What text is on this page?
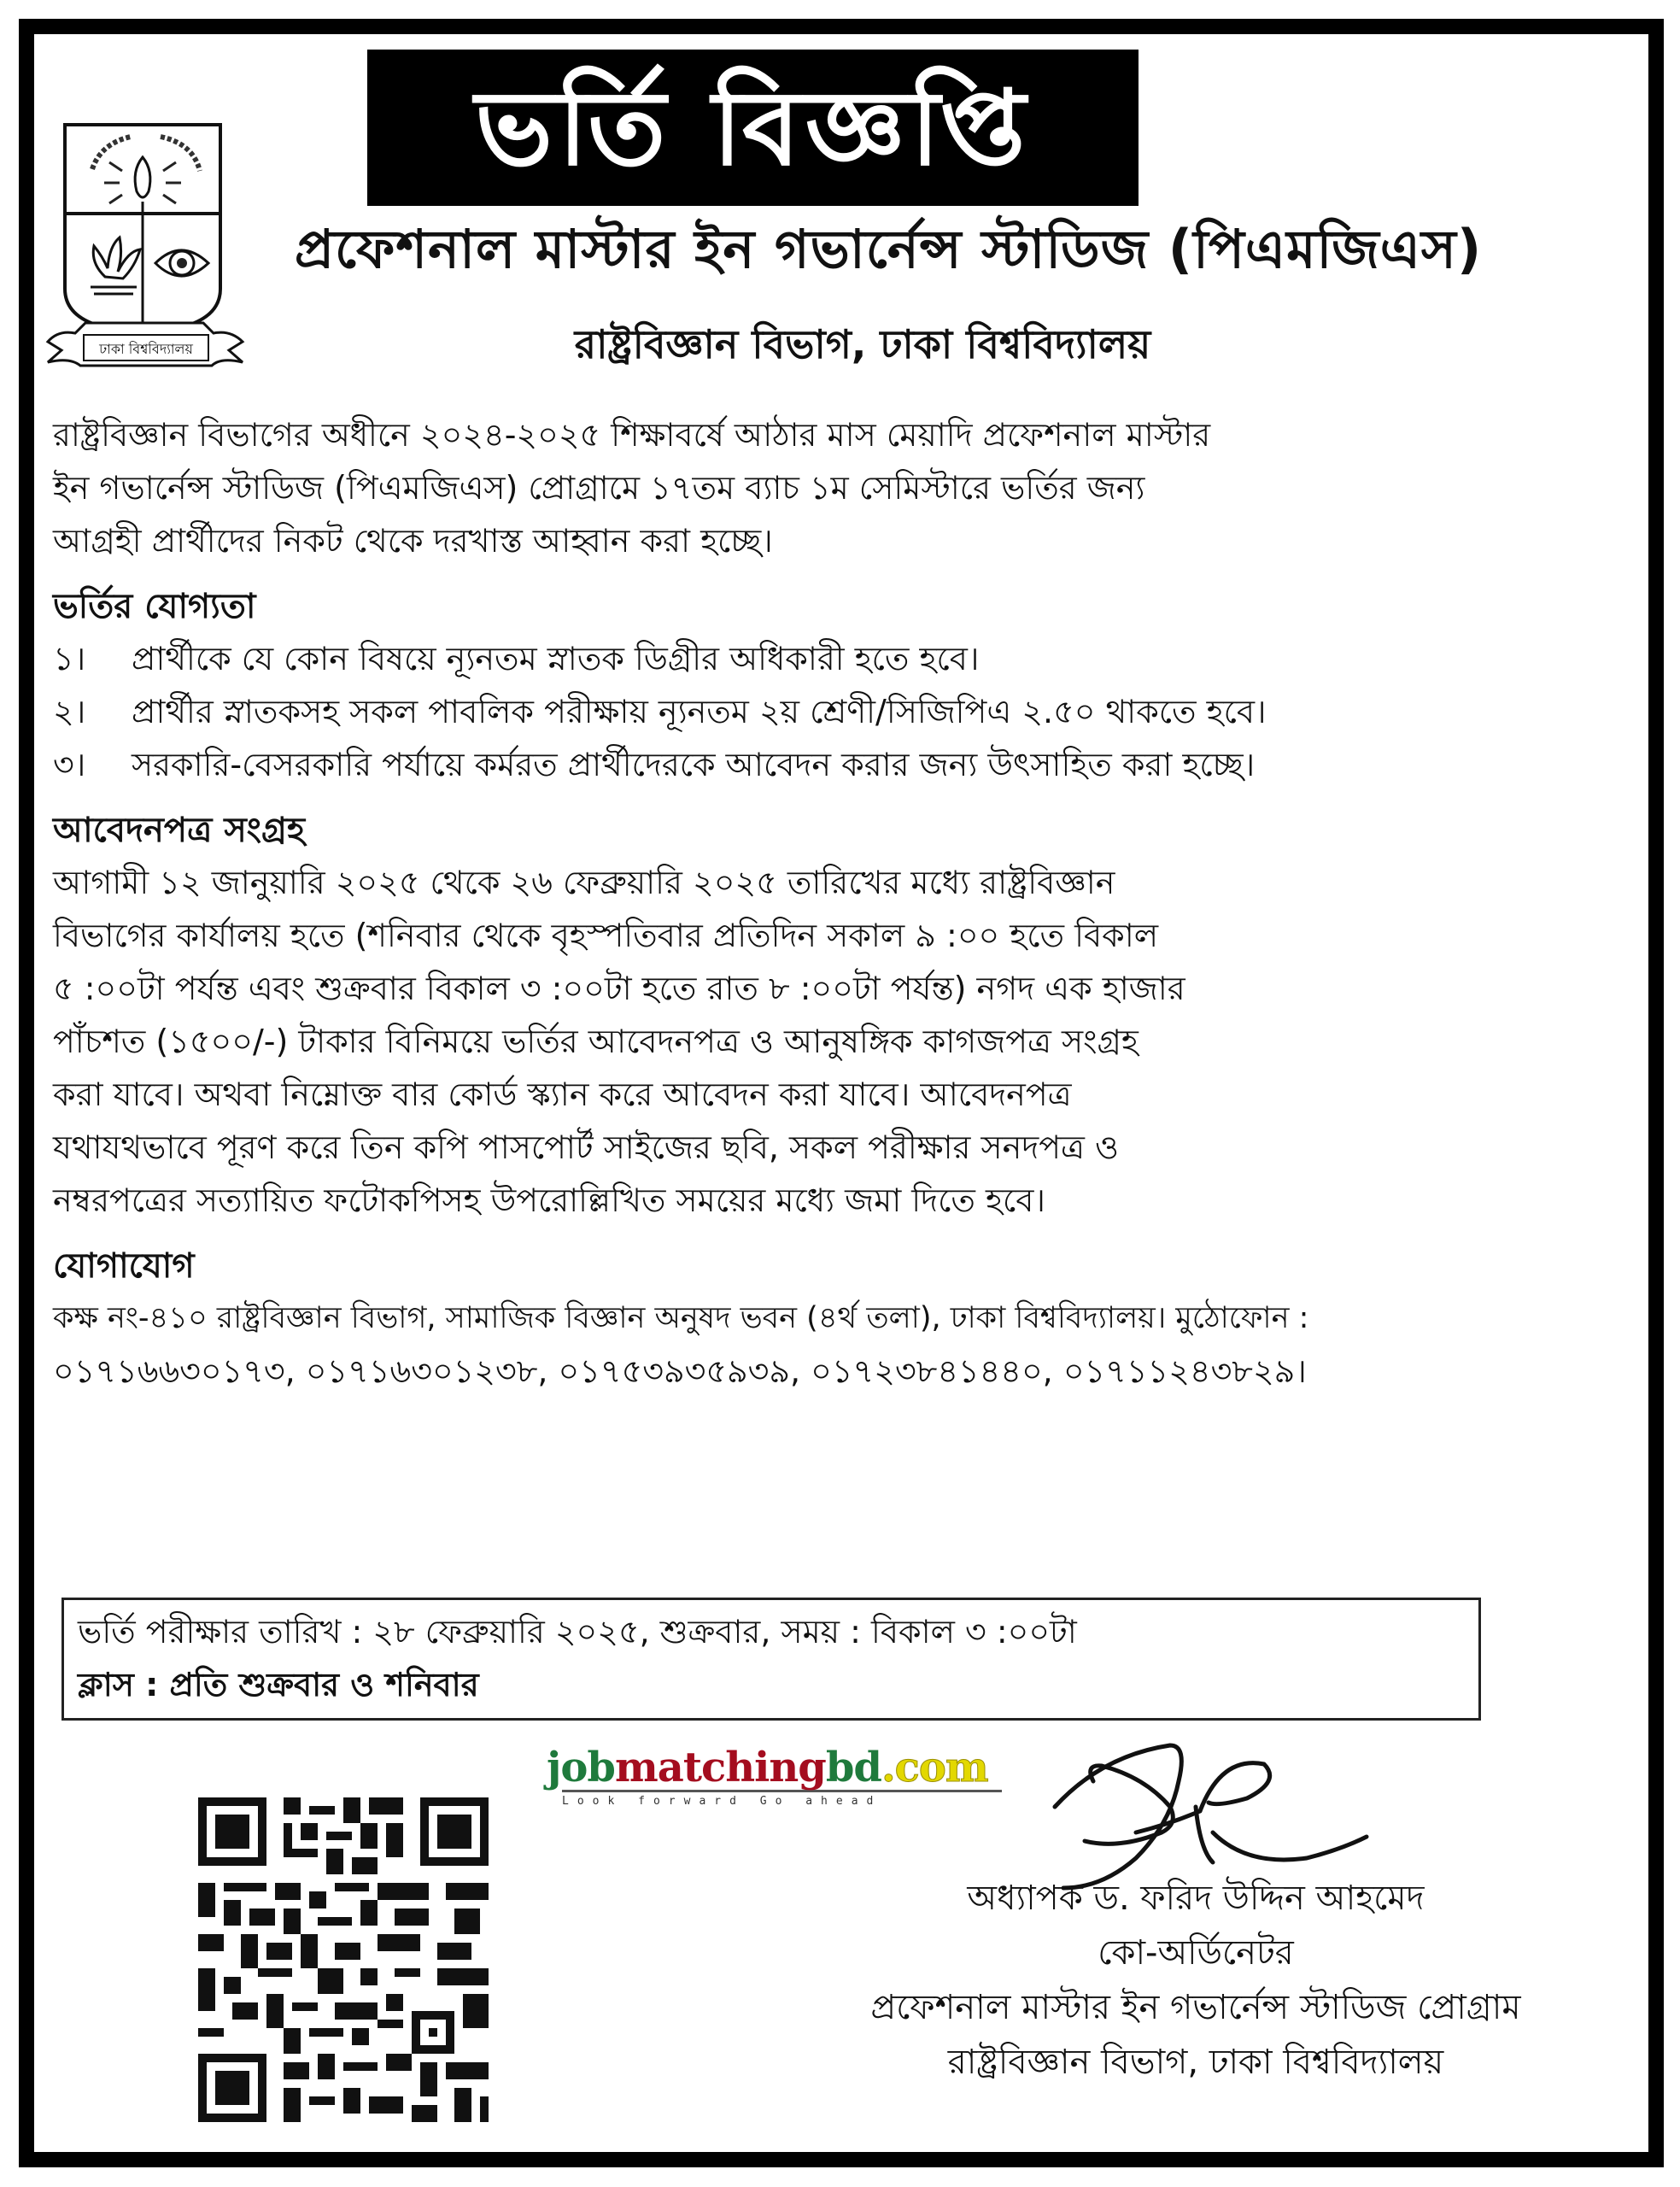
ঢাকা বিশ্ববিদ্যালয়
ভর্তি বিজ্ঞপ্তি
প্রফেশনাল মাস্টার ইন গভার্নেন্স স্টাডিজ (পিএমজিএস)
রাষ্ট্রবিজ্ঞান বিভাগ, ঢাকা বিশ্ববিদ্যালয়
রাষ্ট্রবিজ্ঞান বিভাগের অধীনে ২০২৪-২০২৫ শিক্ষাবর্ষে আঠার মাস মেয়াদি প্রফেশনাল মাস্টার
ইন গভার্নেন্স স্টাডিজ (পিএমজিএস) প্রোগ্রামে ১৭তম ব্যাচ ১ম সেমিস্টারে ভর্তির জন্য
আগ্রহী প্রার্থীদের নিকট থেকে দরখাস্ত আহ্বান করা হচ্ছে।
ভর্তির যোগ্যতা
১।	প্রার্থীকে যে কোন বিষয়ে ন্যূনতম স্নাতক ডিগ্রীর অধিকারী হতে হবে।
২।	প্রার্থীর স্নাতকসহ সকল পাবলিক পরীক্ষায় ন্যূনতম ২য় শ্রেণী/সিজিপিএ ২.৫০ থাকতে হবে।
৩।	সরকারি-বেসরকারি পর্যায়ে কর্মরত প্রার্থীদেরকে আবেদন করার জন্য উৎসাহিত করা হচ্ছে।
আবেদনপত্র সংগ্রহ
আগামী ১২ জানুয়ারি ২০২৫ থেকে ২৬ ফেব্রুয়ারি ২০২৫ তারিখের মধ্যে রাষ্ট্রবিজ্ঞান
বিভাগের কার্যালয় হতে (শনিবার থেকে বৃহস্পতিবার প্রতিদিন সকাল ৯ :০০ হতে বিকাল
৫ :০০টা পর্যন্ত এবং শুক্রবার বিকাল ৩ :০০টা হতে রাত ৮ :০০টা পর্যন্ত) নগদ এক হাজার
পাঁচশত (১৫০০/-) টাকার বিনিময়ে ভর্তির আবেদনপত্র ও আনুষঙ্গিক কাগজপত্র সংগ্রহ
করা যাবে। অথবা নিম্নোক্ত বার কোর্ড স্ক্যান করে আবেদন করা যাবে। আবেদনপত্র
যথাযথভাবে পূরণ করে তিন কপি পাসপোর্ট সাইজের ছবি, সকল পরীক্ষার সনদপত্র ও
নম্বরপত্রের সত্যায়িত ফটোকপিসহ উপরোল্লিখিত সময়ের মধ্যে জমা দিতে হবে।
যোগাযোগ
কক্ষ নং-৪১০ রাষ্ট্রবিজ্ঞান বিভাগ, সামাজিক বিজ্ঞান অনুষদ ভবন (৪র্থ তলা), ঢাকা বিশ্ববিদ্যালয়। মুঠোফোন :
০১৭১৬৬৩০১৭৩, ০১৭১৬৩০১২৩৮, ০১৭৫৩৯৩৫৯৩৯, ০১৭২৩৮৪১৪৪০, ০১৭১১২৪৩৮২৯।
ভর্তি পরীক্ষার তারিখ : ২৮ ফেব্রুয়ারি ২০২৫, শুক্রবার, সময় : বিকাল ৩ :০০টা
ক্লাস : প্রতি শুক্রবার ও শনিবার
jobmatchingbd.com
Look forward Go ahead
অধ্যাপক ড. ফরিদ উদ্দিন আহমেদ
কো-অর্ডিনেটর
প্রফেশনাল মাস্টার ইন গভার্নেন্স স্টাডিজ প্রোগ্রাম
রাষ্ট্রবিজ্ঞান বিভাগ, ঢাকা বিশ্ববিদ্যালয়
